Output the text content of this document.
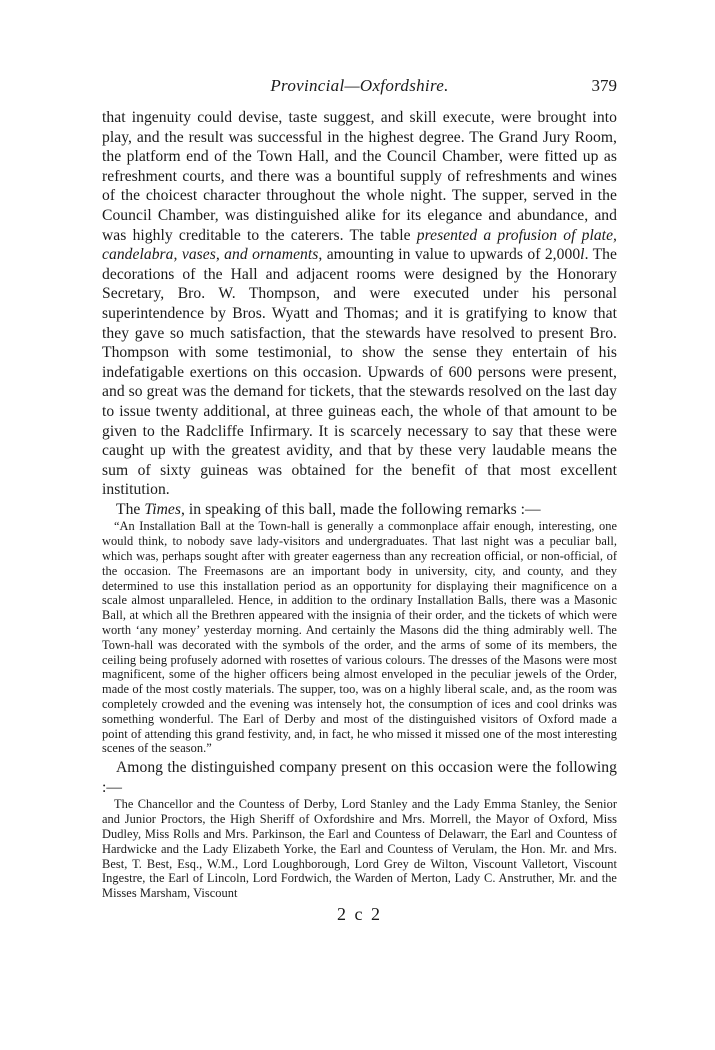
Provincial—Oxfordshire.	379

that ingenuity could devise, taste suggest, and skill execute, were brought into play, and the result was successful in the highest degree. The Grand Jury Room, the platform end of the Town Hall, and the Council Chamber, were fitted up as refreshment courts, and there was a bountiful supply of refreshments and wines of the choicest character throughout the whole night. The supper, served in the Council Chamber, was distinguished alike for its elegance and abundance, and was highly creditable to the caterers. The table presented a profusion of plate, candelabra, vases, and ornaments, amounting in value to upwards of 2,000l. The decorations of the Hall and adjacent rooms were designed by the Honorary Secretary, Bro. W. Thompson, and were executed under his personal superintendence by Bros. Wyatt and Thomas; and it is gratifying to know that they gave so much satisfaction, that the stewards have resolved to present Bro. Thompson with some testimonial, to show the sense they entertain of his indefatigable exertions on this occasion. Upwards of 600 persons were present, and so great was the demand for tickets, that the stewards resolved on the last day to issue twenty additional, at three guineas each, the whole of that amount to be given to the Radcliffe Infirmary. It is scarcely necessary to say that these were caught up with the greatest avidity, and that by these very laudable means the sum of sixty guineas was obtained for the benefit of that most excellent institution.

The Times, in speaking of this ball, made the following remarks :—

“An Installation Ball at the Town-hall is generally a commonplace affair enough, interesting, one would think, to nobody save lady-visitors and undergraduates. That last night was a peculiar ball, which was, perhaps sought after with greater eagerness than any recreation official, or non-official, of the occasion. The Freemasons are an important body in university, city, and county, and they determined to use this installation period as an opportunity for displaying their magnificence on a scale almost unparalleled. Hence, in addition to the ordinary Installation Balls, there was a Masonic Ball, at which all the Brethren appeared with the insignia of their order, and the tickets of which were worth ‘any money’ yesterday morning. And certainly the Masons did the thing admirably well. The Town-hall was decorated with the symbols of the order, and the arms of some of its members, the ceiling being profusely adorned with rosettes of various colours. The dresses of the Masons were most magnificent, some of the higher officers being almost enveloped in the peculiar jewels of the Order, made of the most costly materials. The supper, too, was on a highly liberal scale, and, as the room was completely crowded and the evening was intensely hot, the consumption of ices and cool drinks was something wonderful. The Earl of Derby and most of the distinguished visitors of Oxford made a point of attending this grand festivity, and, in fact, he who missed it missed one of the most interesting scenes of the season.”

Among the distinguished company present on this occasion were the following :—

The Chancellor and the Countess of Derby, Lord Stanley and the Lady Emma Stanley, the Senior and Junior Proctors, the High Sheriff of Oxfordshire and Mrs. Morrell, the Mayor of Oxford, Miss Dudley, Miss Rolls and Mrs. Parkinson, the Earl and Countess of Delawarr, the Earl and Countess of Hardwicke and the Lady Elizabeth Yorke, the Earl and Countess of Verulam, the Hon. Mr. and Mrs. Best, T. Best, Esq., W.M., Lord Loughborough, Lord Grey de Wilton, Viscount Valletort, Viscount Ingestre, the Earl of Lincoln, Lord Fordwich, the Warden of Merton, Lady C. Anstruther, Mr. and the Misses Marsham, Viscount

2 c 2
